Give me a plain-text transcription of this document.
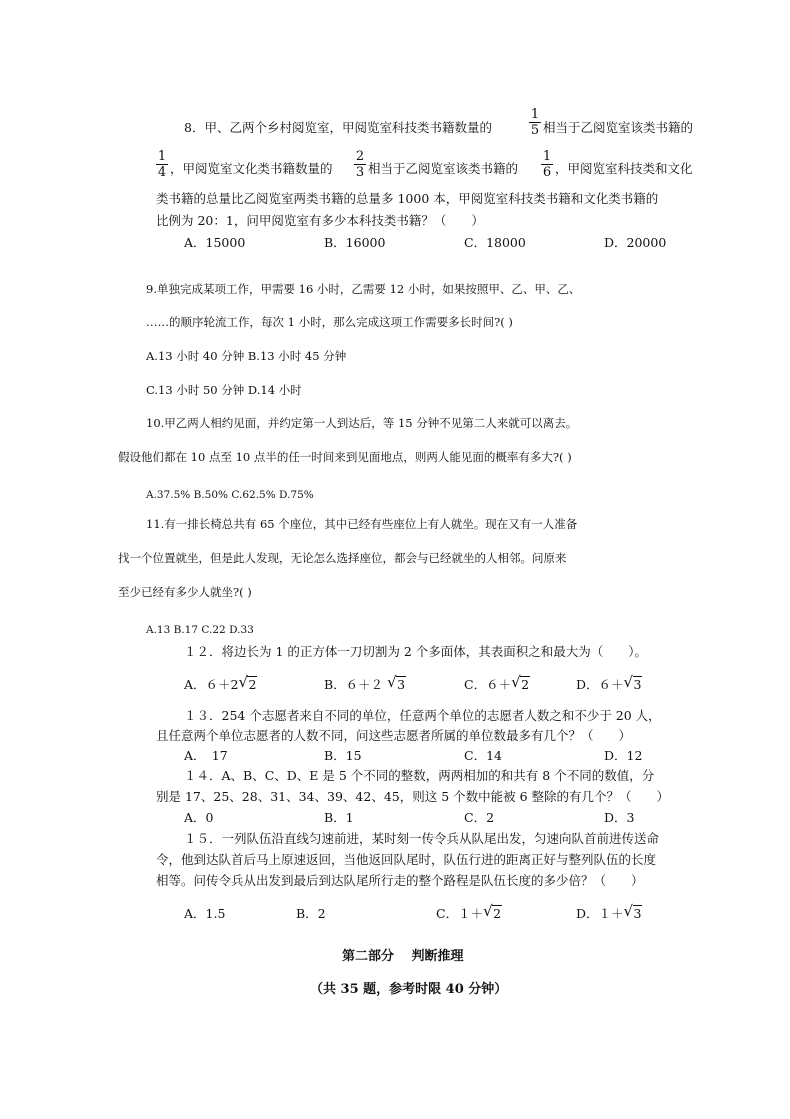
8．甲、乙两个乡村阅览室，甲阅览室科技类书籍数量的	$\frac{1}{5}$ 相当于乙阅览室该类书籍的
$\frac{1}{4}$ ，甲阅览室文化类书籍数量的 $\frac{2}{3}$ 相当于乙阅览室该类书籍的 $\frac{1}{6}$ ，甲阅览室科技类和文化
类书籍的总量比乙阅览室两类书籍的总量多 1000 本，甲阅览室科技类书籍和文化类书籍的
比例为 20：1，问甲阅览室有多少本科技类书籍？（　　）
A．15000	B．16000	C．18000	D．20000
9.单独完成某项工作，甲需要 16 小时，乙需要 12 小时，如果按照甲、乙、甲、乙、
……的顺序轮流工作，每次 1 小时，那么完成这项工作需要多长时间?( )
A.13 小时 40 分钟 B.13 小时 45 分钟
C.13 小时 50 分钟 D.14 小时
10.甲乙两人相约见面，并约定第一人到达后，等 15 分钟不见第二人来就可以离去。
假设他们都在 10 点至 10 点半的任一时间来到见面地点，则两人能见面的概率有多大?( )
A.37.5% B.50% C.62.5% D.75%
11.有一排长椅总共有 65 个座位，其中已经有些座位上有人就坐。现在又有一人准备
找一个位置就坐，但是此人发现，无论怎么选择座位，都会与已经就坐的人相邻。问原来
至少已经有多少人就坐?( )
A.13 B.17 C.22 D.33
１２．将边长为 1 的正方体一刀切割为 2 个多面体，其表面积之和最大为（　　）。
A．６＋2 √ 2	B．６＋２ √ 3	C．６＋ √ 2	D．６＋ √ 3
１３．254 个志愿者来自不同的单位，任意两个单位的志愿者人数之和不少于 20 人，
且任意两个单位志愿者的人数不同，问这些志愿者所属的单位数最多有几个？（　　）
A．　17	B．15	C．14	D．12
１４．A、B、C、D、E 是 5 个不同的整数，两两相加的和共有 8 个不同的数值，分
别是 17、25、28、31、34、39、42、45，则这 5 个数中能被 6 整除的有几个？（　　）
A．0	B．1	C．2	D．3
１５．一列队伍沿直线匀速前进，某时刻一传令兵从队尾出发，匀速向队首前进传送命
令，他到达队首后马上原速返回，当他返回队尾时，队伍行进的距离正好与整列队伍的长度
相等。问传令兵从出发到最后到达队尾所行走的整个路程是队伍长度的多少倍？（　　）
A．1.5	B．2	C．１＋ √ 2	D．１＋ √ 3
第二部分　 判断推理
（共 35 题，参考时限 40 分钟）
